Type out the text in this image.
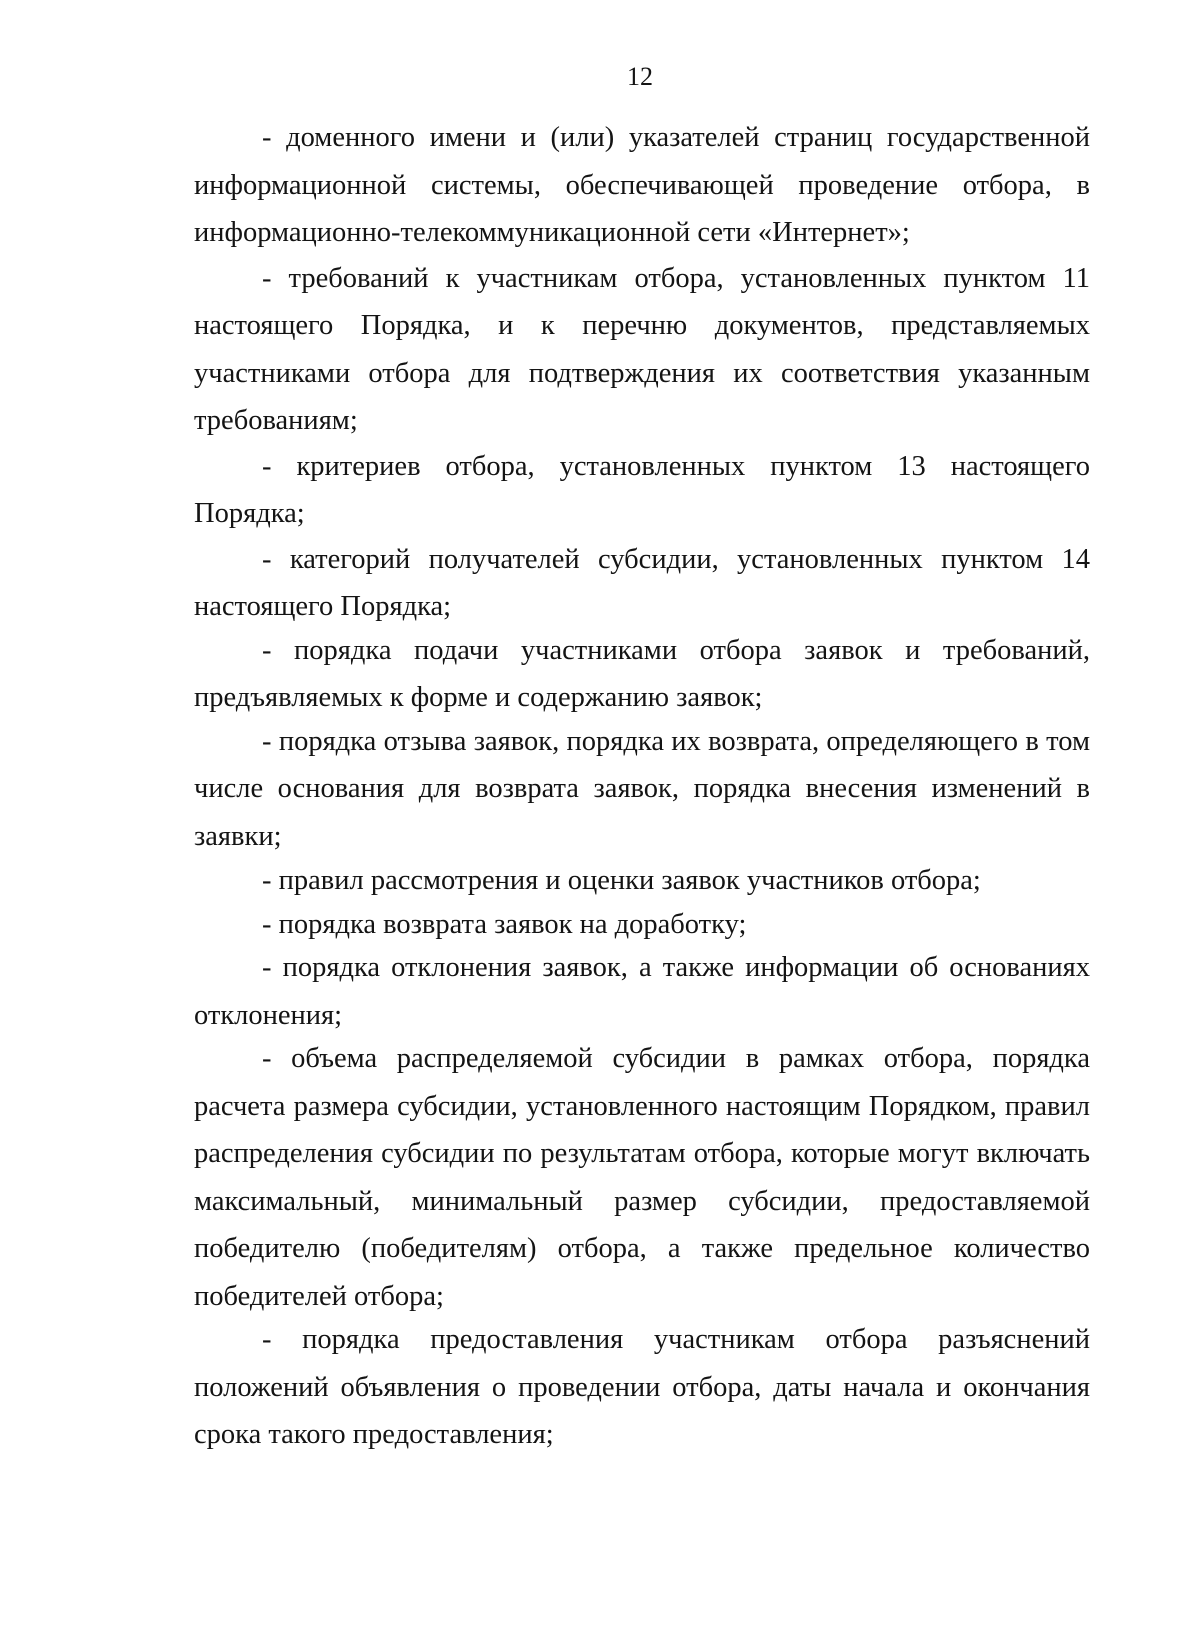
12

- доменного имени и (или) указателей страниц государственной информационной системы, обеспечивающей проведение отбора, в информационно-телекоммуникационной сети «Интернет»;

- требований к участникам отбора, установленных пунктом 11 настоящего Порядка, и к перечню документов, представляемых участниками отбора для подтверждения их соответствия указанным требованиям;

- критериев отбора, установленных пунктом 13 настоящего Порядка;

- категорий получателей субсидии, установленных пунктом 14 настоящего Порядка;

- порядка подачи участниками отбора заявок и требований, предъявляемых к форме и содержанию заявок;

- порядка отзыва заявок, порядка их возврата, определяющего в том числе основания для возврата заявок, порядка внесения изменений в заявки;

- правил рассмотрения и оценки заявок участников отбора;

- порядка возврата заявок на доработку;

- порядка отклонения заявок, а также информации об основаниях отклонения;

- объема распределяемой субсидии в рамках отбора, порядка расчета размера субсидии, установленного настоящим Порядком, правил распределения субсидии по результатам отбора, которые могут включать максимальный, минимальный размер субсидии, предоставляемой победителю (победителям) отбора, а также предельное количество победителей отбора;

- порядка предоставления участникам отбора разъяснений положений объявления о проведении отбора, даты начала и окончания срока такого предоставления;
